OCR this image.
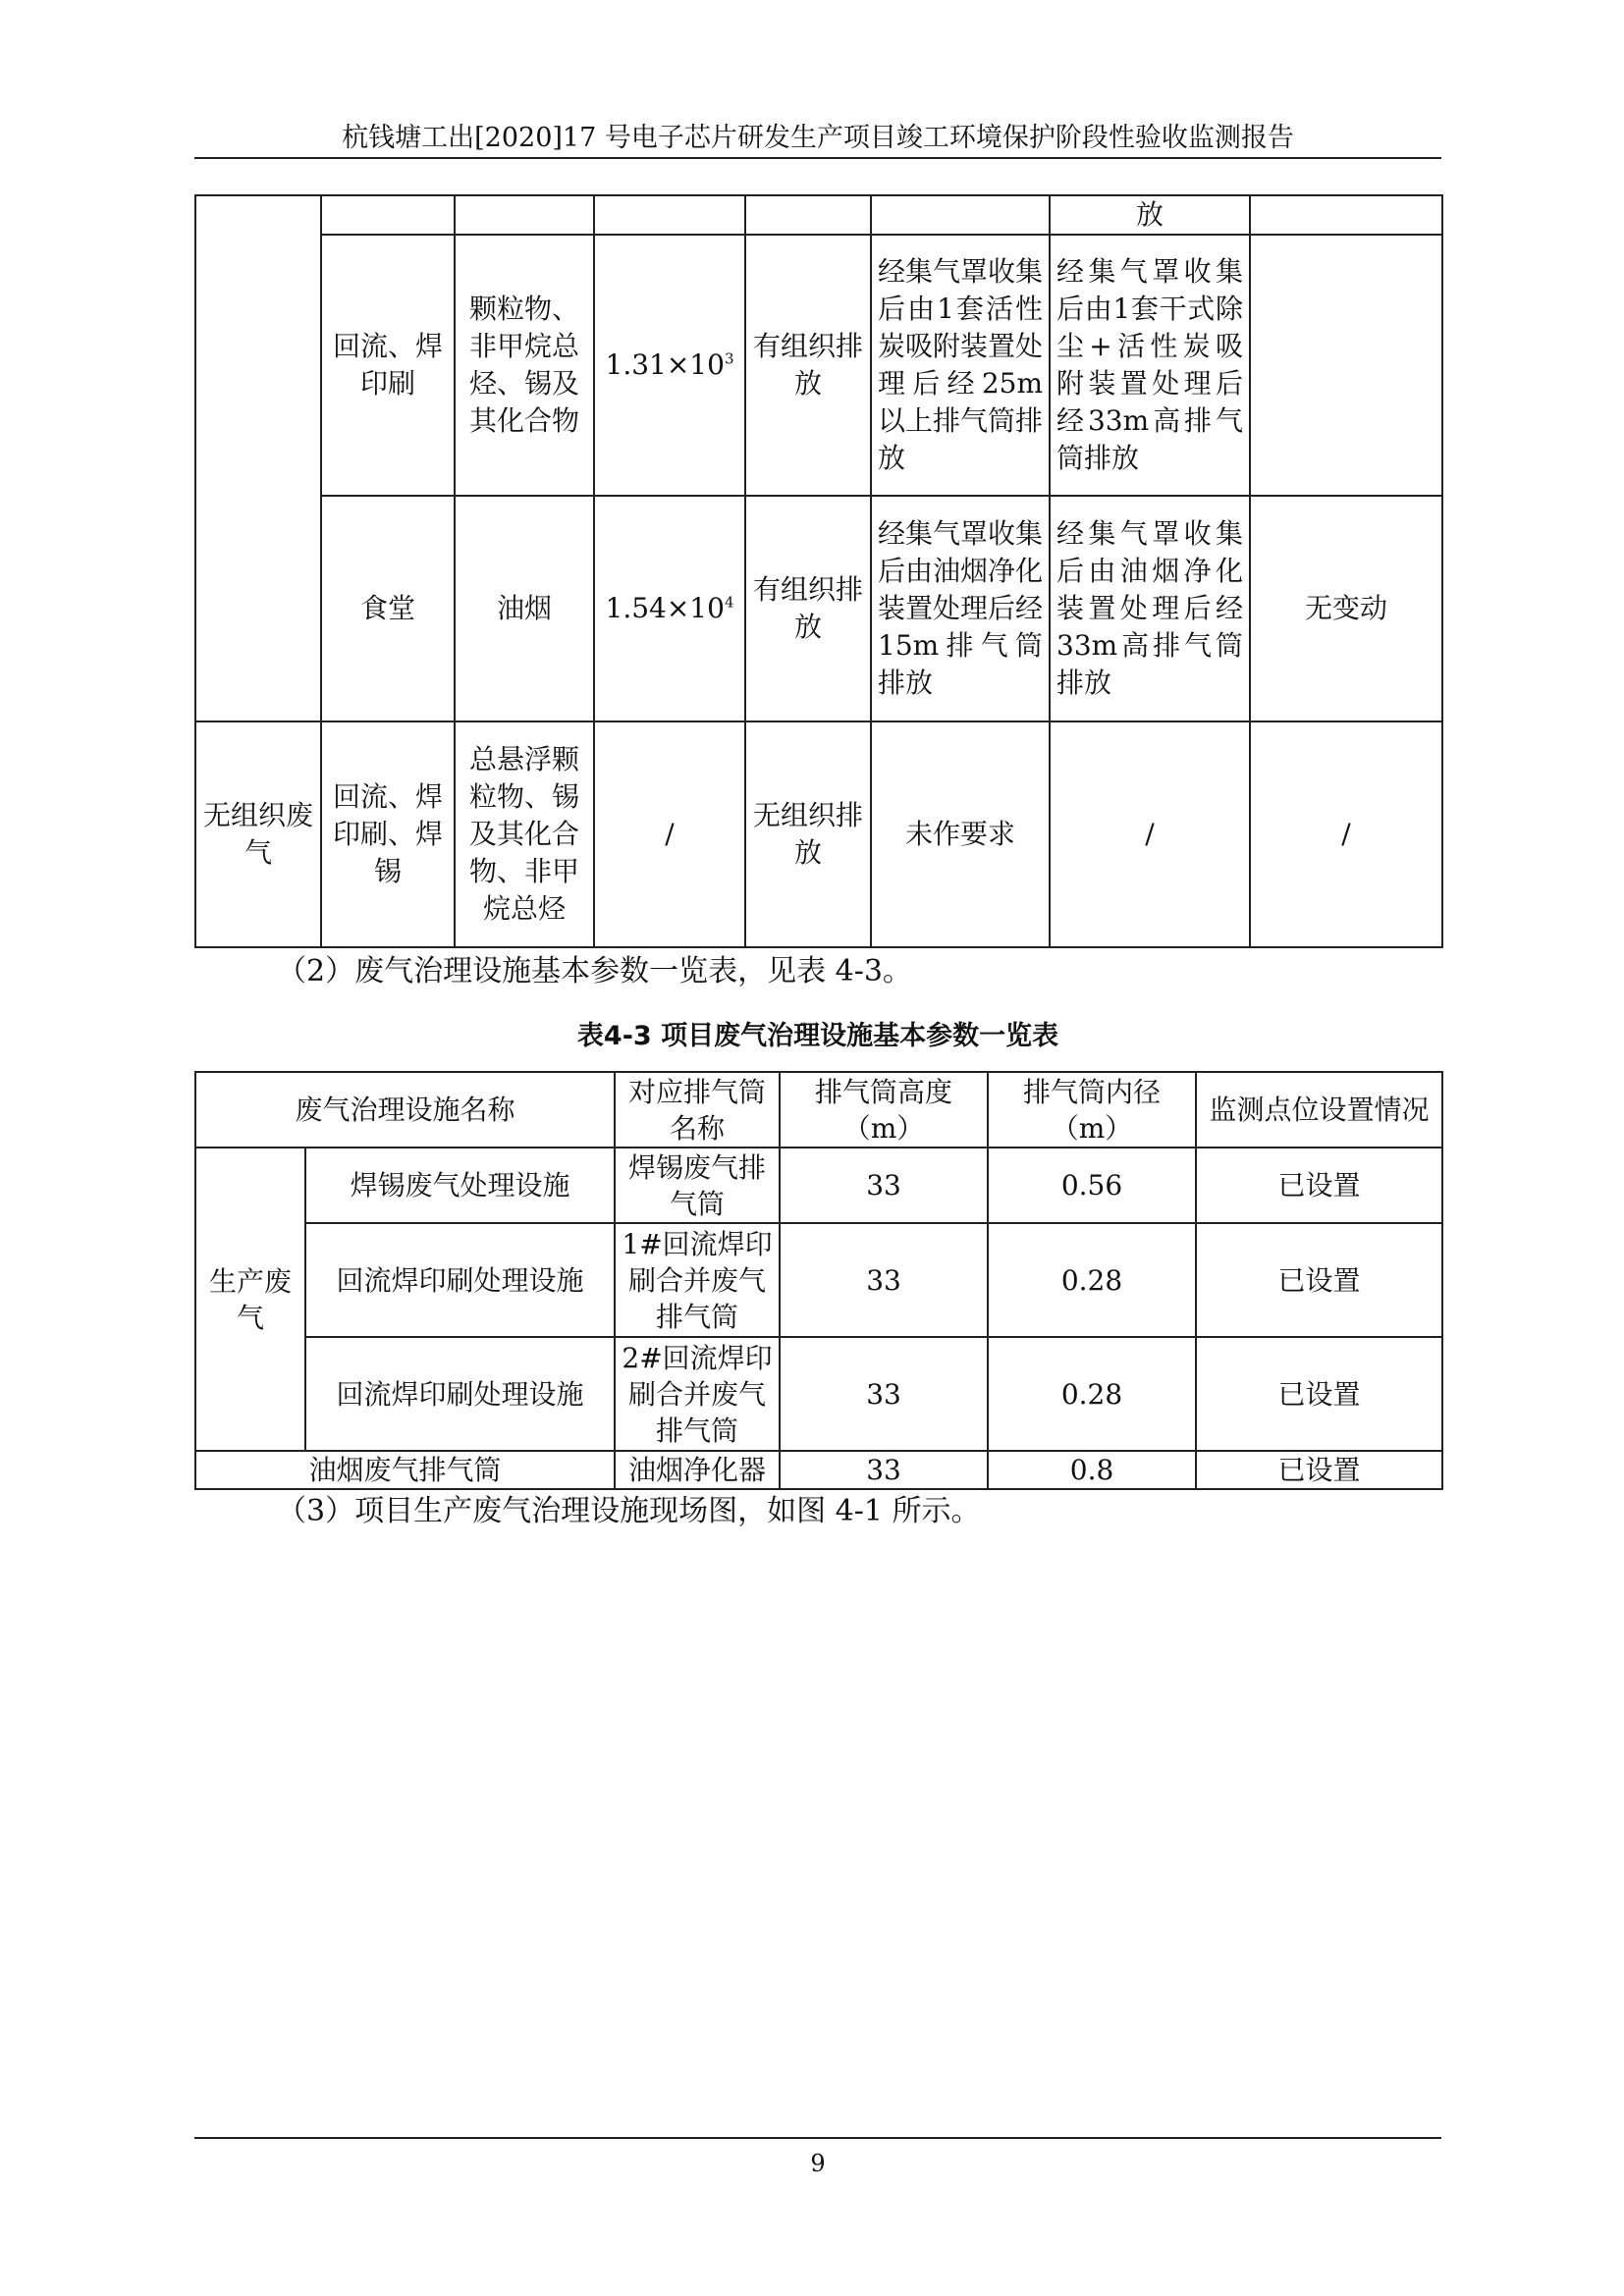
杭钱塘工出[2020]17 号电子芯片研发生产项目竣工环境保护阶段性验收监测报告
						放	
	回流、焊印刷	颗粒物、非甲烷总烃、锡及其化合物	$1.31\times 10^3$	有组织排放	经集气罩收集后由1套活性炭吸附装置处理后经25m以上排气筒排放	经集气罩收集后由1套干式除尘+活性炭吸附装置处理后经33m高排气筒排放	
	食堂	油烟	$1.54\times 10^4$	有组织排放	经集气罩收集后由油烟净化装置处理后经15m排气筒排放	经集气罩收集后由油烟净化装置处理后经 33m高排气筒排放	无变动
无组织废气	回流、焊印刷、焊锡	总悬浮颗粒物、锡及其化合物、非甲烷总烃	/	无组织排放	未作要求	/	/
（2）废气治理设施基本参数一览表，见表 4-3。
表4-3 项目废气治理设施基本参数一览表
废气治理设施名称		对应排气筒名称	排气筒高度（m）	排气筒内径（m）	监测点位设置情况
生产废气	焊锡废气处理设施	焊锡废气排气筒	33	0.56	已设置
	回流焊印刷处理设施	1#回流焊印刷合并废气排气筒	33	0.28	已设置
	回流焊印刷处理设施	2#回流焊印刷合并废气排气筒	33	0.28	已设置
油烟废气排气筒		油烟净化器	33	0.8	已设置
（3）项目生产废气治理设施现场图，如图 4-1 所示。
9
